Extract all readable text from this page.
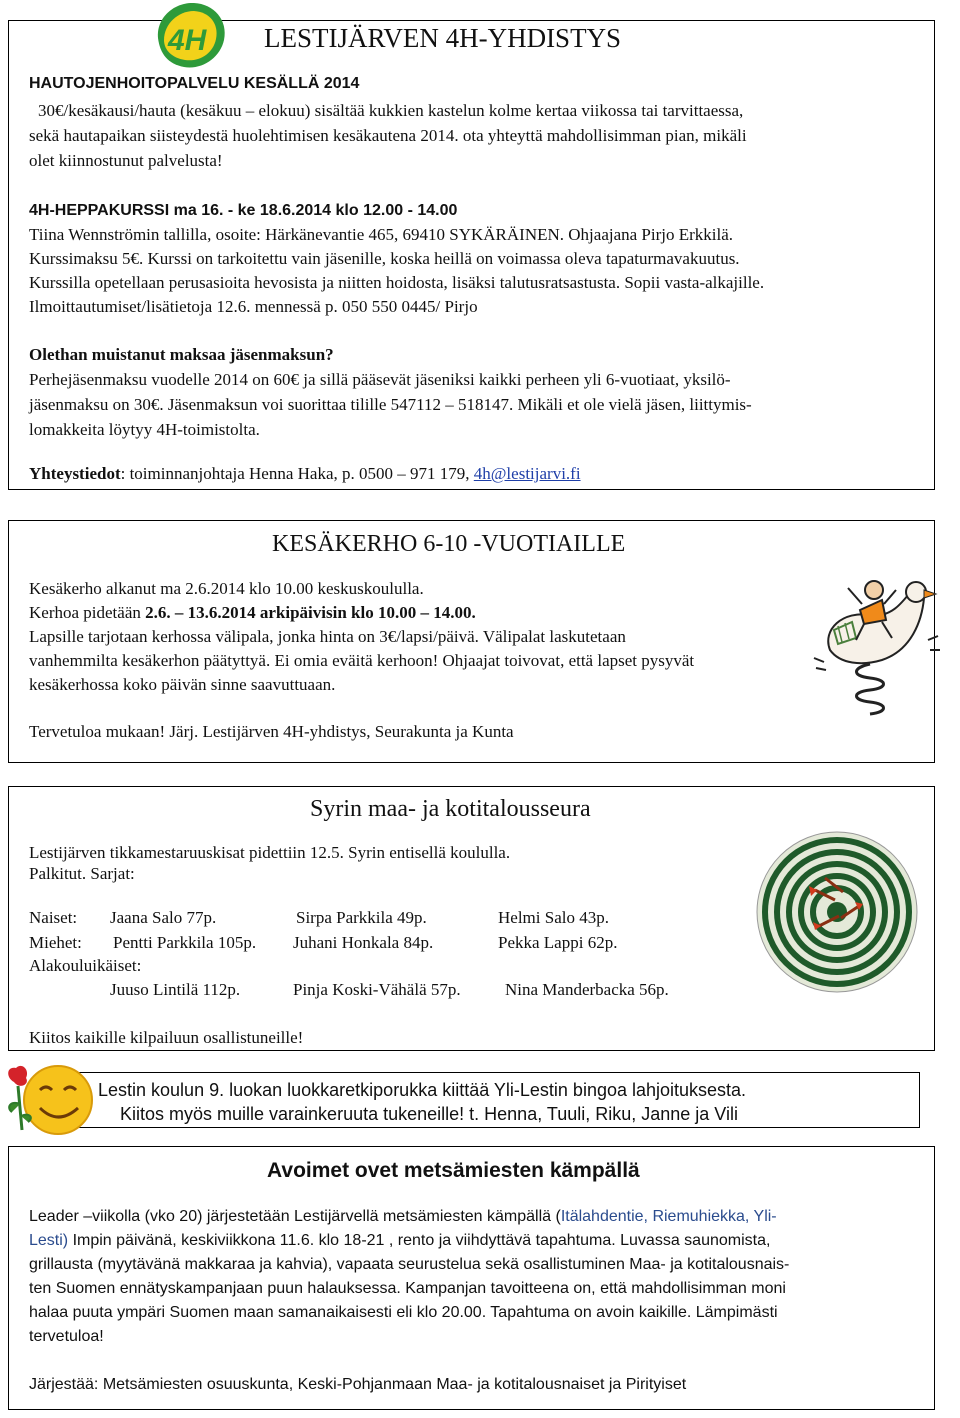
4H LESTIJÄRVEN 4H-YHDISTYS
HAUTOJENHOITOPALVELU KESÄLLÄ 2014
30€/kesäkausi/hauta (kesäkuu – elokuu) sisältää kukkien kastelun kolme kertaa viikossa tai tarvittaessa,
sekä hautapaikan siisteydestä huolehtimisen kesäkautena 2014. ota yhteyttä mahdollisimman pian, mikäli
olet kiinnostunut palvelusta!
4H-HEPPAKURSSI ma 16. - ke 18.6.2014 klo 12.00 - 14.00
Tiina Wennströmin tallilla, osoite: Härkänevantie 465, 69410 SYKÄRÄINEN. Ohjaajana Pirjo Erkkilä.
Kurssimaksu 5€. Kurssi on tarkoitettu vain jäsenille, koska heillä on voimassa oleva tapaturmavakuutus.
Kurssilla opetellaan perusasioita hevosista ja niitten hoidosta, lisäksi talutusratsastusta. Sopii vasta-alkajille.
Ilmoittautumiset/lisätietoja 12.6. mennessä p. 050 550 0445/ Pirjo
Olethan muistanut maksaa jäsenmaksun?
Perhejäsenmaksu vuodelle 2014 on 60€ ja sillä pääsevät jäseniksi kaikki perheen yli 6-vuotiaat, yksilö-
jäsenmaksu on 30€. Jäsenmaksun voi suorittaa tilille 547112 – 518147. Mikäli et ole vielä jäsen, liittymis-
lomakkeita löytyy 4H-toimistolta.
Yhteystiedot: toiminnanjohtaja Henna Haka, p. 0500 – 971 179, 4h@lestijarvi.fi
KESÄKERHO 6-10 -VUOTIAILLE
Kesäkerho alkanut ma 2.6.2014 klo 10.00 keskuskoululla.
Kerhoa pidetään 2.6. – 13.6.2014 arkipäivisin klo 10.00 – 14.00.
Lapsille tarjotaan kerhossa välipala, jonka hinta on 3€/lapsi/päivä. Välipalat laskutetaan
vanhemmilta kesäkerhon päätyttyä. Ei omia eväitä kerhoon! Ohjaajat toivovat, että lapset pysyvät
kesäkerhossa koko päivän sinne saavuttuaan.
Tervetuloa mukaan! Järj. Lestijärven 4H-yhdistys, Seurakunta ja Kunta
Syrin maa- ja kotitalousseura
Lestijärven tikkamestaruuskisat pidettiin 12.5. Syrin entisellä koululla.
Palkitut. Sarjat:
Naiset: Jaana Salo 77p.	Sirpa Parkkila 49p.	Helmi Salo 43p.
Miehet: Pentti Parkkila 105p. Juhani Honkala 84p.	Pekka Lappi 62p.
Alakouluikäiset:
Juuso Lintilä 112p.	Pinja Koski-Vähälä 57p.	Nina Manderbacka 56p.
Kiitos kaikille kilpailuun osallistuneille!
Lestin koulun 9. luokan luokkaretkiporukka kiittää Yli-Lestin bingoa lahjoituksesta.
Kiitos myös muille varainkeruuta tukeneille! t. Henna, Tuuli, Riku, Janne ja Vili
Avoimet ovet metsämiesten kämpällä
Leader –viikolla (vko 20) järjestetään Lestijärvellä metsämiesten kämpällä (Itälahdentie, Riemuhiekka, Yli-
Lesti) Impin päivänä, keskiviikkona 11.6. klo 18-21 , rento ja viihdyttävä tapahtuma. Luvassa saunomista,
grillausta (myytävänä makkaraa ja kahvia), vapaata seurustelua sekä osallistuminen Maa- ja kotitalousnais-
ten Suomen ennätyskampanjaan puun halauksessa. Kampanjan tavoitteena on, että mahdollisimman moni
halaa puuta ympäri Suomen maan samanaikaisesti eli klo 20.00. Tapahtuma on avoin kaikille. Lämpimästi
tervetuloa!
Järjestää: Metsämiesten osuuskunta, Keski-Pohjanmaan Maa- ja kotitalousnaiset ja Pirityiset
